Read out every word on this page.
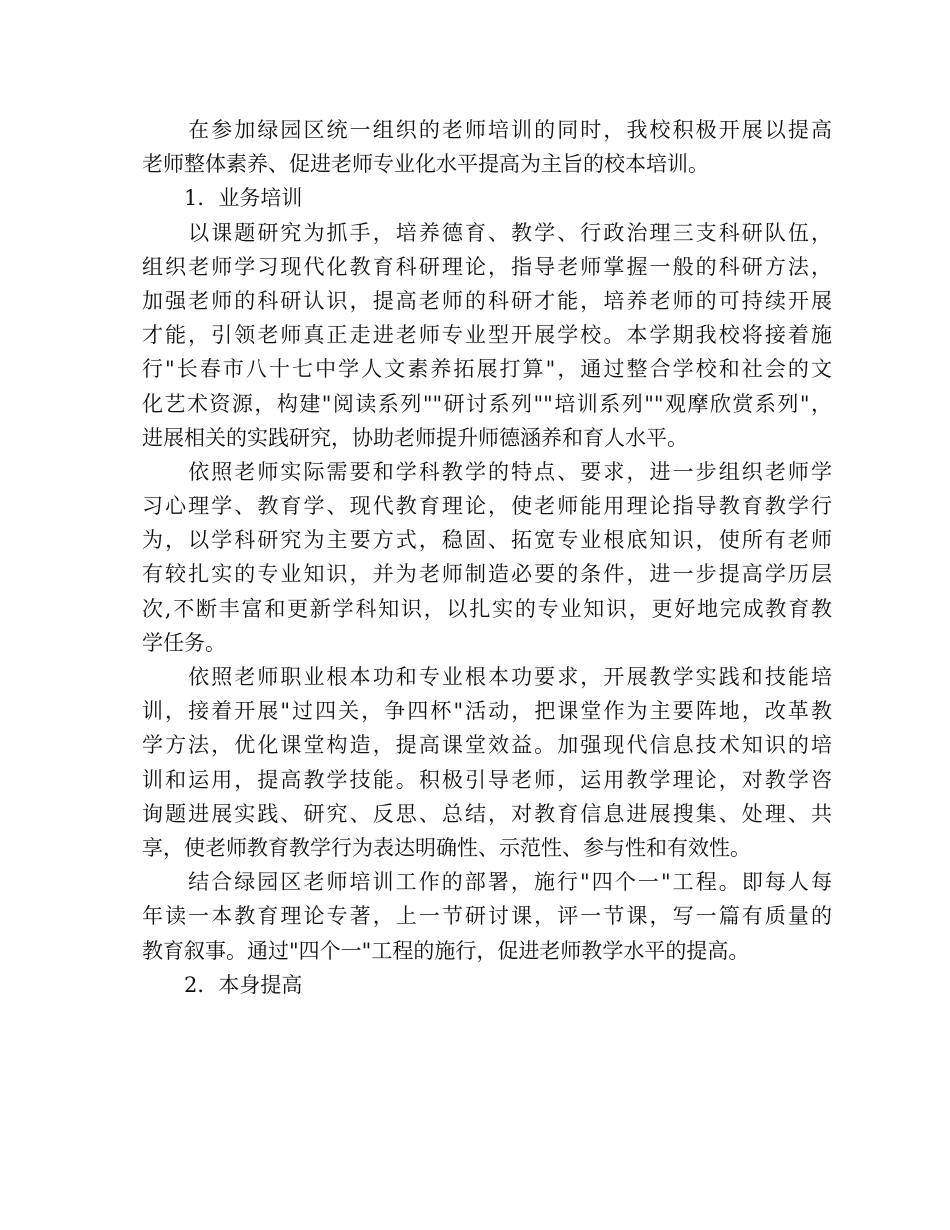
　　在参加绿园区统一组织的老师培训的同时，我校积极开展以提高
老师整体素养、促进老师专业化水平提高为主旨的校本培训。
　　1．业务培训
　　以课题研究为抓手，培养德育、教学、行政治理三支科研队伍，
组织老师学习现代化教育科研理论，指导老师掌握一般的科研方法，
加强老师的科研认识，提高老师的科研才能，培养老师的可持续开展
才能，引领老师真正走进老师专业型开展学校。本学期我校将接着施
行"长春市八十七中学人文素养拓展打算"，通过整合学校和社会的文
化艺术资源，构建"阅读系列""研讨系列""培训系列""观摩欣赏系列"，
进展相关的实践研究，协助老师提升师德涵养和育人水平。
　　依照老师实际需要和学科教学的特点、要求，进一步组织老师学
习心理学、教育学、现代教育理论，使老师能用理论指导教育教学行
为，以学科研究为主要方式，稳固、拓宽专业根底知识，使所有老师
有较扎实的专业知识，并为老师制造必要的条件，进一步提高学历层
次,不断丰富和更新学科知识，以扎实的专业知识，更好地完成教育教
学任务。
　　依照老师职业根本功和专业根本功要求，开展教学实践和技能培
训，接着开展"过四关，争四杯"活动，把课堂作为主要阵地，改革教
学方法，优化课堂构造，提高课堂效益。加强现代信息技术知识的培
训和运用，提高教学技能。积极引导老师，运用教学理论，对教学咨
询题进展实践、研究、反思、总结，对教育信息进展搜集、处理、共
享，使老师教育教学行为表达明确性、示范性、参与性和有效性。
　　结合绿园区老师培训工作的部署，施行"四个一"工程。即每人每
年读一本教育理论专著，上一节研讨课，评一节课，写一篇有质量的
教育叙事。通过"四个一"工程的施行，促进老师教学水平的提高。
　　2．本身提高
